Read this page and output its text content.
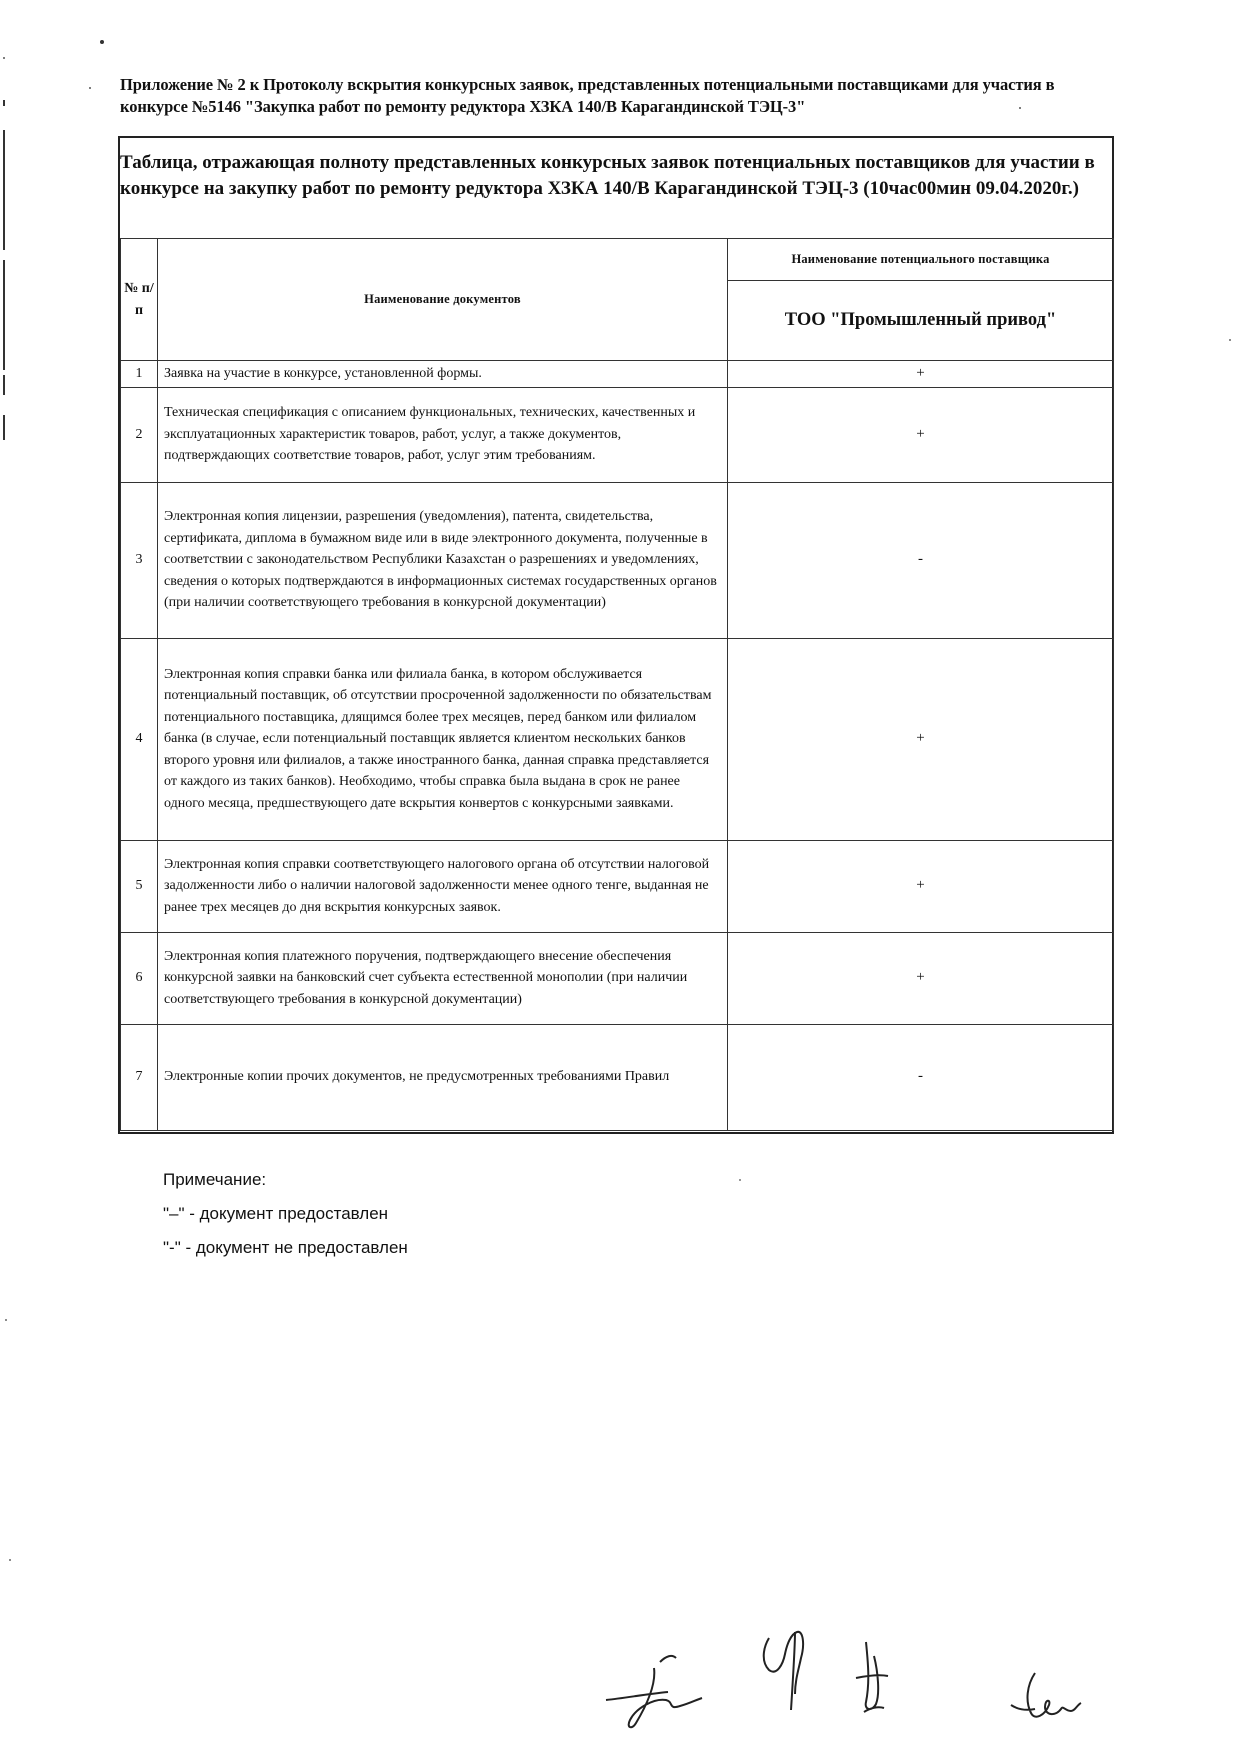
Приложение № 2 к Протоколу вскрытия конкурсных заявок, представленных потенциальными поставщиками для участия в конкурсе №5146 "Закупка работ по ремонту редуктора ХЗКА 140/В Карагандинской ТЭЦ-3"
Таблица, отражающая полноту представленных конкурсных заявок потенциальных поставщиков для участии в конкурсе на закупку работ по ремонту редуктора ХЗКА 140/В Карагандинской ТЭЦ-3 (10час00мин 09.04.2020г.)
№ п/п	Наименование документов	Наименование потенциального поставщика
		ТОО "Промышленный привод"
1	Заявка на участие в конкурсе, установленной формы.	+
2	Техническая спецификация с описанием функциональных, технических, качественных и эксплуатационных характеристик товаров, работ, услуг, а также документов, подтверждающих соответствие товаров, работ, услуг этим требованиям.	+
3	Электронная копия лицензии, разрешения (уведомления), патента, свидетельства, сертификата, диплома в бумажном виде или в виде электронного документа, полученные в соответствии с законодательством Республики Казахстан о разрешениях и уведомлениях, сведения о которых подтверждаются в информационных системах государственных органов (при наличии соответствующего требования в конкурсной документации)	-
4	Электронная копия справки банка или филиала банка, в котором обслуживается потенциальный поставщик, об отсутствии просроченной задолженности по обязательствам потенциального поставщика, длящимся более трех месяцев, перед банком или филиалом банка (в случае, если потенциальный поставщик является клиентом нескольких банков второго уровня или филиалов, а также иностранного банка, данная справка представляется от каждого из таких банков). Необходимо, чтобы справка была выдана в срок не ранее одного месяца, предшествующего дате вскрытия конвертов с конкурсными заявками.	+
5	Электронная копия справки соответствующего налогового органа об отсутствии налоговой задолженности либо о наличии налоговой задолженности менее одного тенге, выданная не ранее трех месяцев до дня вскрытия конкурсных заявок.	+
6	Электронная копия платежного поручения, подтверждающего внесение обеспечения конкурсной заявки на банковский счет субъекта естественной монополии (при наличии соответствующего требования в конкурсной документации)	+
7	Электронные копии прочих документов, не предусмотренных требованиями Правил	-
Примечание:
"–" - документ предоставлен
"-" - документ не предоставлен
